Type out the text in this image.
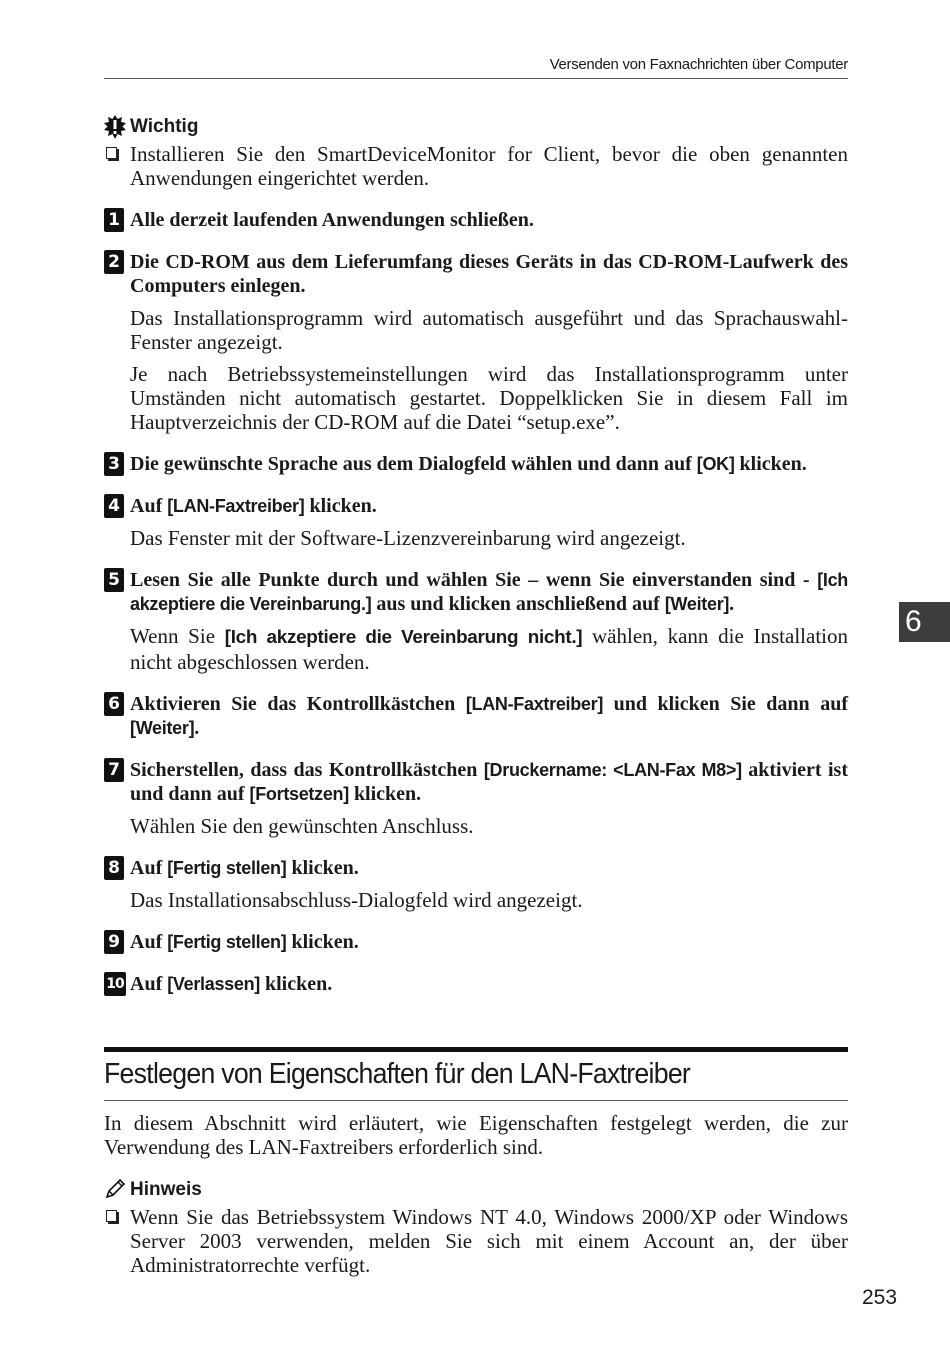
Versenden von Faxnachrichten über Computer
6
Wichtig
Installieren Sie den SmartDeviceMonitor for Client, bevor die oben genannten Anwendungen eingerichtet werden.
1 Alle derzeit laufenden Anwendungen schließen.
2 Die CD-ROM aus dem Lieferumfang dieses Geräts in das CD-ROM-Laufwerk des Computers einlegen.
Das Installationsprogramm wird automatisch ausgeführt und das Sprachauswahl-Fenster angezeigt.
Je nach Betriebssystemeinstellungen wird das Installationsprogramm unter Umständen nicht automatisch gestartet. Doppelklicken Sie in diesem Fall im Hauptverzeichnis der CD-ROM auf die Datei “setup.exe”.
3 Die gewünschte Sprache aus dem Dialogfeld wählen und dann auf [OK] klicken.
4 Auf [LAN-Faxtreiber] klicken.
Das Fenster mit der Software-Lizenzvereinbarung wird angezeigt.
5 Lesen Sie alle Punkte durch und wählen Sie – wenn Sie einverstanden sind - [Ich akzeptiere die Vereinbarung.] aus und klicken anschließend auf [Weiter].
Wenn Sie [Ich akzeptiere die Vereinbarung nicht.] wählen, kann die Installation nicht abgeschlossen werden.
6 Aktivieren Sie das Kontrollkästchen [LAN-Faxtreiber] und klicken Sie dann auf [Weiter].
7 Sicherstellen, dass das Kontrollkästchen [Druckername: <LAN-Fax M8>] aktiviert ist und dann auf [Fortsetzen] klicken.
Wählen Sie den gewünschten Anschluss.
8 Auf [Fertig stellen] klicken.
Das Installationsabschluss-Dialogfeld wird angezeigt.
9 Auf [Fertig stellen] klicken.
10 Auf [Verlassen] klicken.
Festlegen von Eigenschaften für den LAN-Faxtreiber
In diesem Abschnitt wird erläutert, wie Eigenschaften festgelegt werden, die zur Verwendung des LAN-Faxtreibers erforderlich sind.
Hinweis
Wenn Sie das Betriebssystem Windows NT 4.0, Windows 2000/XP oder Windows Server 2003 verwenden, melden Sie sich mit einem Account an, der über Administratorrechte verfügt.
253
